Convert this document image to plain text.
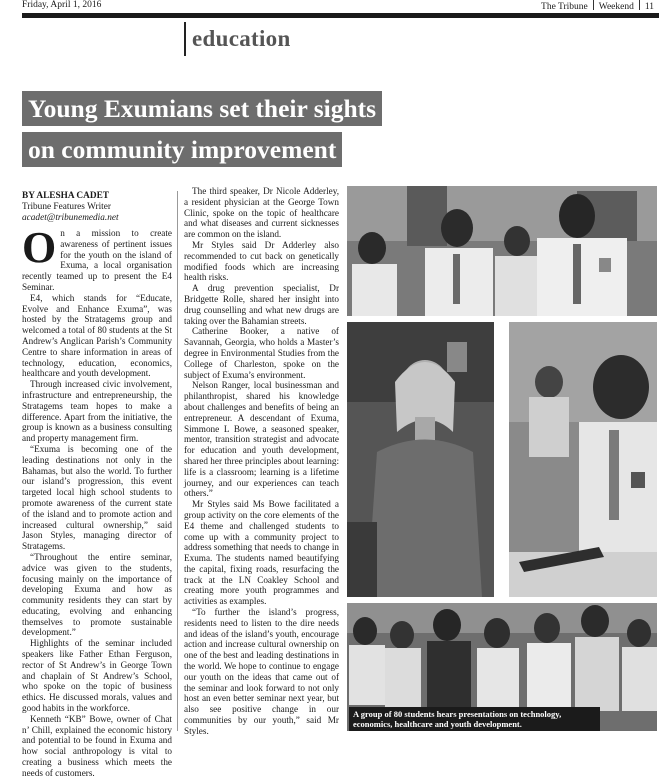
Friday, April 1, 2016	The Tribune Weekend 11
education
Young Exumians set their sights
on community improvement
BY ALESHA CADET
Tribune Features Writer
acadet@tribunemedia.net

On a mission to create awareness of pertinent issues for the youth on the island of Exuma, a local organisation recently teamed up to present the E4 Seminar.

E4, which stands for “Educate, Evolve and Enhance Exuma”, was hosted by the Stratagems group and welcomed a total of 80 students at the St Andrew’s Anglican Parish’s Community Centre to share information in areas of technology, education, economics, healthcare and youth development.

Through increased civic involvement, infrastructure and entrepreneurship, the Stratagems team hopes to make a difference. Apart from the initiative, the group is known as a business consulting and property management firm.

“Exuma is becoming one of the leading destinations not only in the Bahamas, but also the world. To further our island’s progression, this event targeted local high school students to promote awareness of the current state of the island and to promote action and increased cultural ownership,” said Jason Styles, managing director of Stratagems.

“Throughout the entire seminar, advice was given to the students, focusing mainly on the importance of developing Exuma and how as community residents they can start by educating, evolving and enhancing themselves to promote sustainable development.”

Highlights of the seminar included speakers like Father Ethan Ferguson, rector of St Andrew’s in George Town and chaplain of St Andrew’s School, who spoke on the topic of business ethics. He discussed morals, values and good habits in the workforce.

Kenneth “KB” Bowe, owner of Chat n’ Chill, explained the economic history and potential to be found in Exuma and how social anthropology is vital to creating a business which meets the needs of customers.

The third speaker, Dr Nicole Adderley, a resident physician at the George Town Clinic, spoke on the topic of healthcare and what diseases and current sicknesses are common on the island.

Mr Styles said Dr Adderley also recommended to cut back on genetically modified foods which are increasing health risks.

A drug prevention specialist, Dr Bridgette Rolle, shared her insight into drug counselling and what new drugs are taking over the Bahamian streets.

Catherine Booker, a native of Savannah, Georgia, who holds a Master’s degree in Environmental Studies from the College of Charleston, spoke on the subject of Exuma’s environment.

Nelson Ranger, local businessman and philanthropist, shared his knowledge about challenges and benefits of being an entrepreneur. A descendant of Exuma, Simmone L Bowe, a seasoned speaker, mentor, transition strategist and advocate for education and youth development, shared her three principles about learning: life is a classroom; learning is a lifetime journey, and our experiences can teach others.”

Mr Styles said Ms Bowe facilitated a group activity on the core elements of the E4 theme and challenged students to come up with a community project to address something that needs to change in Exuma. The students named beautifying the capital, fixing roads, resurfacing the track at the LN Coakley School and creating more youth programmes and activities as examples.

“To further the island’s progress, residents need to listen to the dire needs and ideas of the island’s youth, encourage action and increase cultural ownership on one of the best and leading destinations in the world. We hope to continue to engage our youth on the ideas that came out of the seminar and look forward to not only host an even better seminar next year, but also see positive change in our communities by our youth,” said Mr Styles.

A group of 80 students hears presentations on technology, economics, healthcare and youth development.
